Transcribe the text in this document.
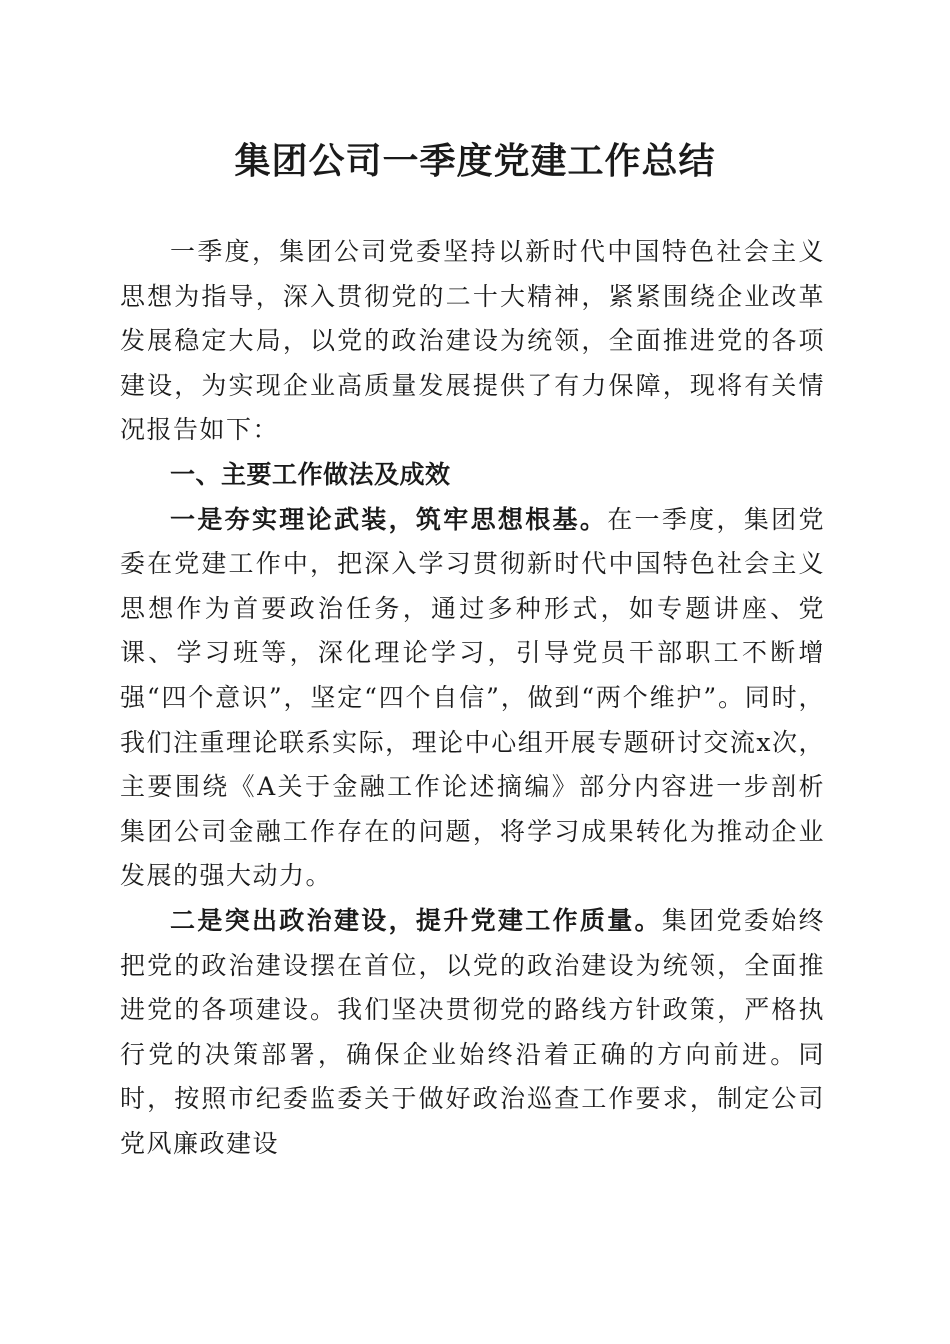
集团公司一季度党建工作总结

一季度，集团公司党委坚持以新时代中国特色社会主义思想为指导，深入贯彻党的二十大精神，紧紧围绕企业改革发展稳定大局，以党的政治建设为统领，全面推进党的各项建设，为实现企业高质量发展提供了有力保障，现将有关情况报告如下：

一、主要工作做法及成效

一是夯实理论武装，筑牢思想根基。在一季度，集团党委在党建工作中，把深入学习贯彻新时代中国特色社会主义思想作为首要政治任务，通过多种形式，如专题讲座、党课、学习班等，深化理论学习，引导党员干部职工不断增强“四个意识”，坚定“四个自信”，做到“两个维护”。同时，我们注重理论联系实际，理论中心组开展专题研讨交流x次，主要围绕《A关于金融工作论述摘编》部分内容进一步剖析集团公司金融工作存在的问题，将学习成果转化为推动企业发展的强大动力。

二是突出政治建设，提升党建工作质量。集团党委始终把党的政治建设摆在首位，以党的政治建设为统领，全面推进党的各项建设。我们坚决贯彻党的路线方针政策，严格执行党的决策部署，确保企业始终沿着正确的方向前进。同时，按照市纪委监委关于做好政治巡查工作要求，制定公司党风廉政建设
